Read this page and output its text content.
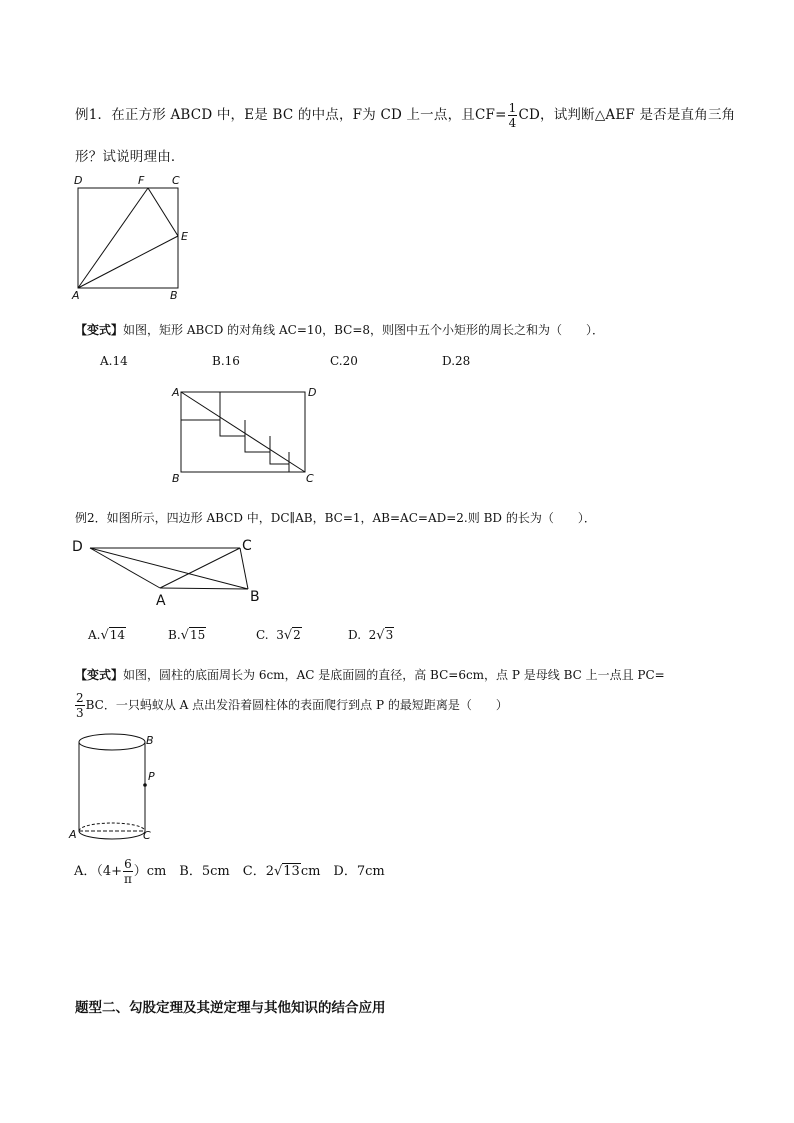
例1．在正方形 ABCD 中，E是 BC 的中点，F为 CD 上一点，且$CF= \frac{1}{4}$ CD，试判断△AEF 是否是直角三角
形？试说明理由．
D	F	C
E
A	B
【变式】如图，矩形 ABCD 的对角线 AC=10，BC=8，则图中五个小矩形的周长之和为（　　）．
A.14	B.16	C.20	D.28
A	D
B	C
例2．如图所示，四边形 ABCD 中，DC∥AB，BC=1，AB=AC=AD=2.则 BD 的长为（　　）．
D	C
A	B
A.√14	B.√15	C. 3√2	D. 2√3
【变式】如图，圆柱的底面周长为 6cm，AC 是底面圆的直径，高 BC=6cm，点 P 是母线 BC 上一点且 PC=
$\frac{2}{3}$ BC．一只蚂蚁从 A 点出发沿着圆柱体的表面爬行到点 P 的最短距离是（　　）
B
P
A	C
A．$(4+ \frac{6}{\pi} )cm$　B．5cm　C．2√13cm　D．7cm
题型二、勾股定理及其逆定理与其他知识的结合应用
